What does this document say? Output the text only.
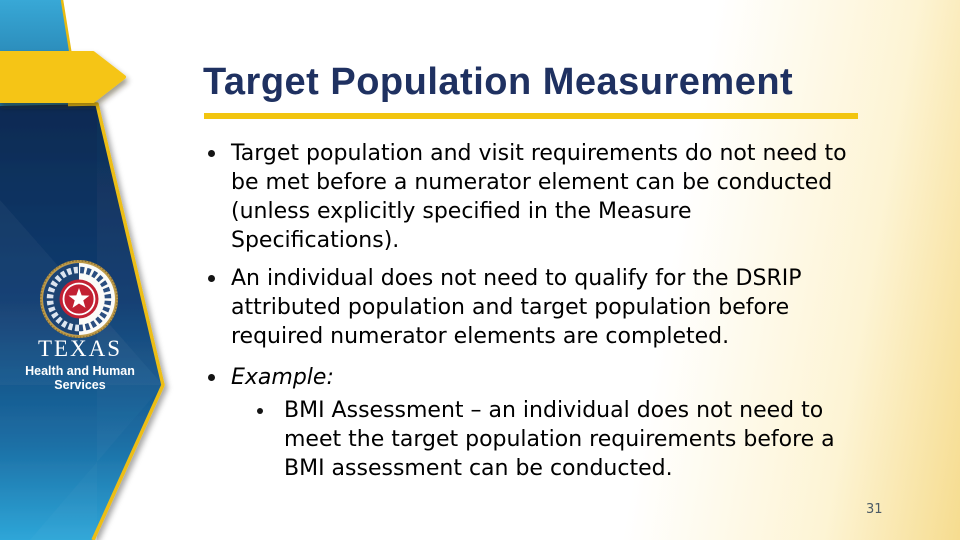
TEXAS
Health and Human
Services
Target Population Measurement
Target population and visit requirements do not need to
be met before a numerator element can be conducted
(unless explicitly specified in the Measure
Specifications).
An individual does not need to qualify for the DSRIP
attributed population and target population before
required numerator elements are completed.
Example:
BMI Assessment – an individual does not need to
meet the target population requirements before a
BMI assessment can be conducted.
31
